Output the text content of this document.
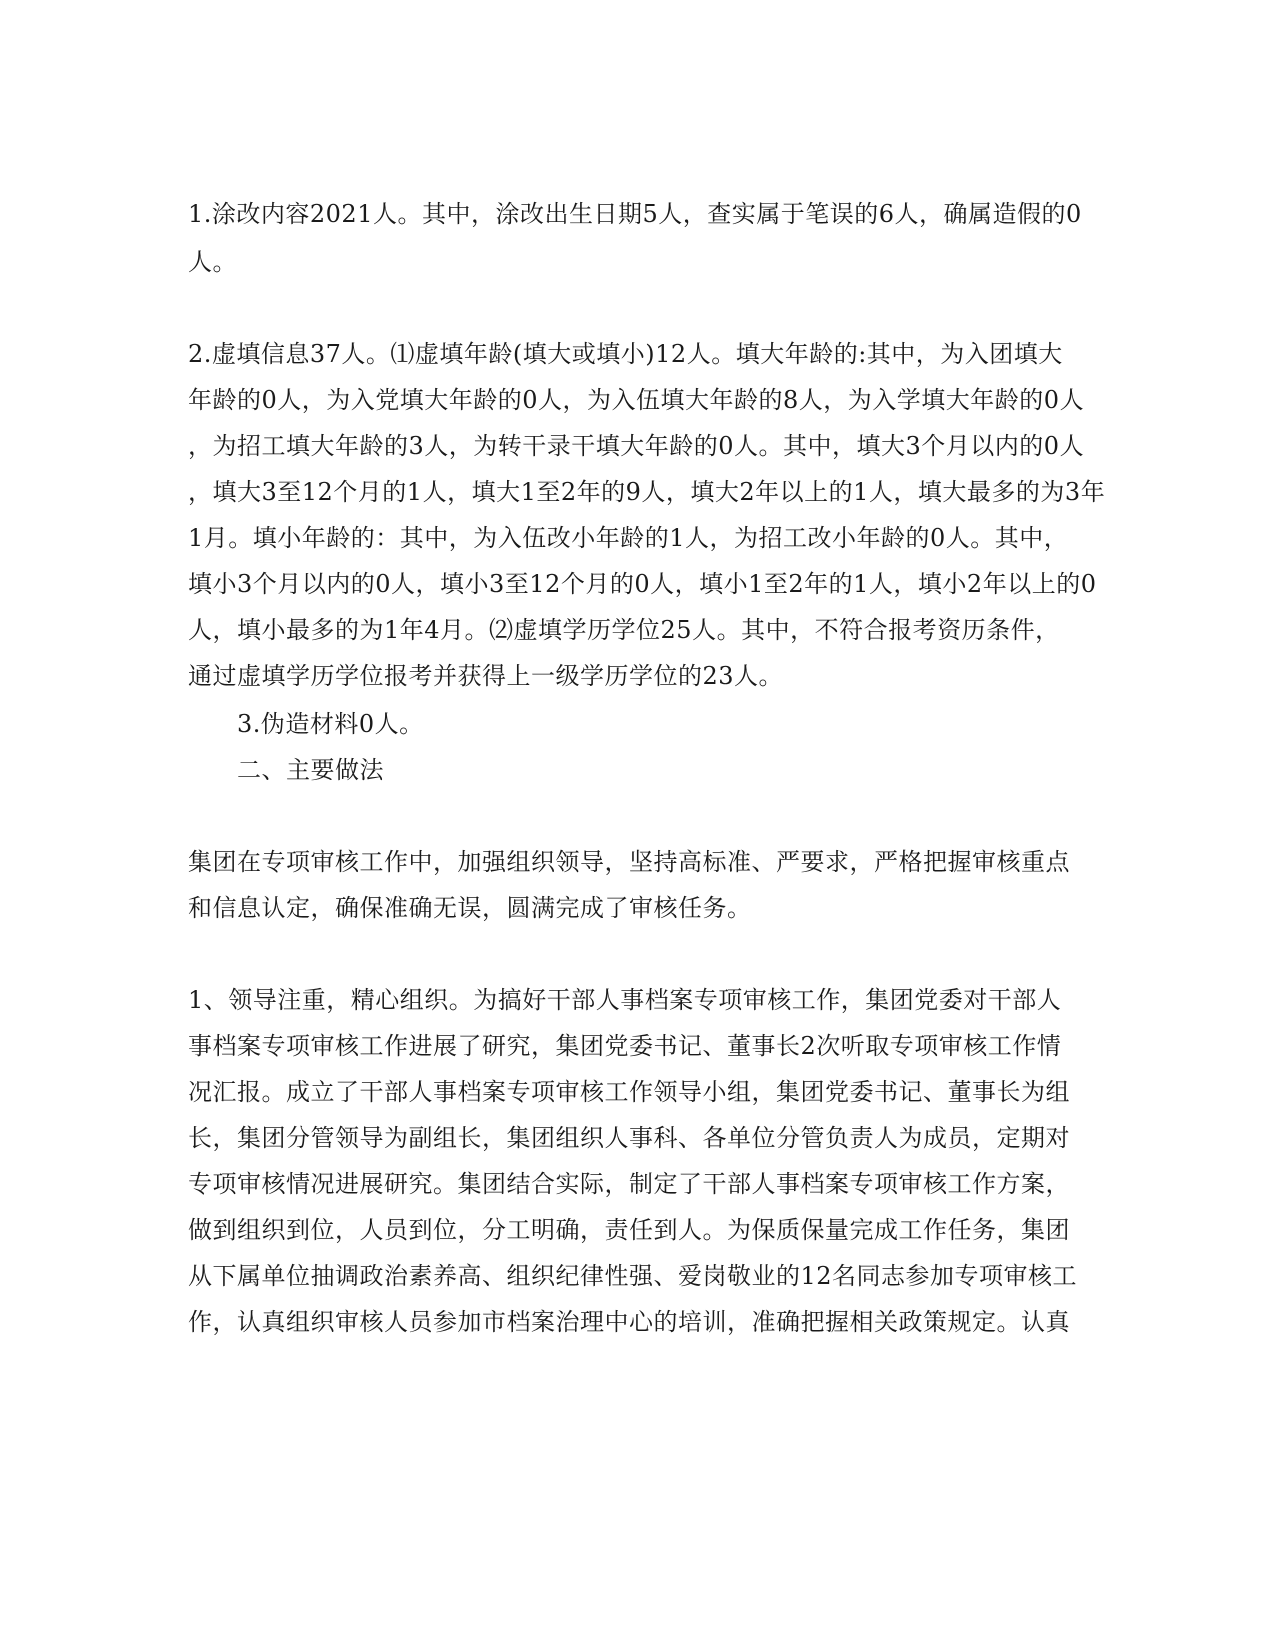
1.涂改内容2021人。其中，涂改出生日期5人，查实属于笔误的6人，确属造假的0
人。
2.虚填信息37人。⑴虚填年龄(填大或填小)12人。填大年龄的:其中，为入团填大
年龄的0人，为入党填大年龄的0人，为入伍填大年龄的8人，为入学填大年龄的0人
，为招工填大年龄的3人，为转干录干填大年龄的0人。其中，填大3个月以内的0人
，填大3至12个月的1人，填大1至2年的9人，填大2年以上的1人，填大最多的为3年
1月。填小年龄的：其中，为入伍改小年龄的1人，为招工改小年龄的0人。其中，
填小3个月以内的0人，填小3至12个月的0人，填小1至2年的1人，填小2年以上的0
人，填小最多的为1年4月。⑵虚填学历学位25人。其中，不符合报考资历条件，
通过虚填学历学位报考并获得上一级学历学位的23人。
3.伪造材料0人。
二、主要做法
集团在专项审核工作中，加强组织领导，坚持高标准、严要求，严格把握审核重点
和信息认定，确保准确无误，圆满完成了审核任务。
1、领导注重，精心组织。为搞好干部人事档案专项审核工作，集团党委对干部人
事档案专项审核工作进展了研究，集团党委书记、董事长2次听取专项审核工作情
况汇报。成立了干部人事档案专项审核工作领导小组，集团党委书记、董事长为组
长，集团分管领导为副组长，集团组织人事科、各单位分管负责人为成员，定期对
专项审核情况进展研究。集团结合实际，制定了干部人事档案专项审核工作方案，
做到组织到位，人员到位，分工明确，责任到人。为保质保量完成工作任务，集团
从下属单位抽调政治素养高、组织纪律性强、爱岗敬业的12名同志参加专项审核工
作，认真组织审核人员参加市档案治理中心的培训，准确把握相关政策规定。认真
